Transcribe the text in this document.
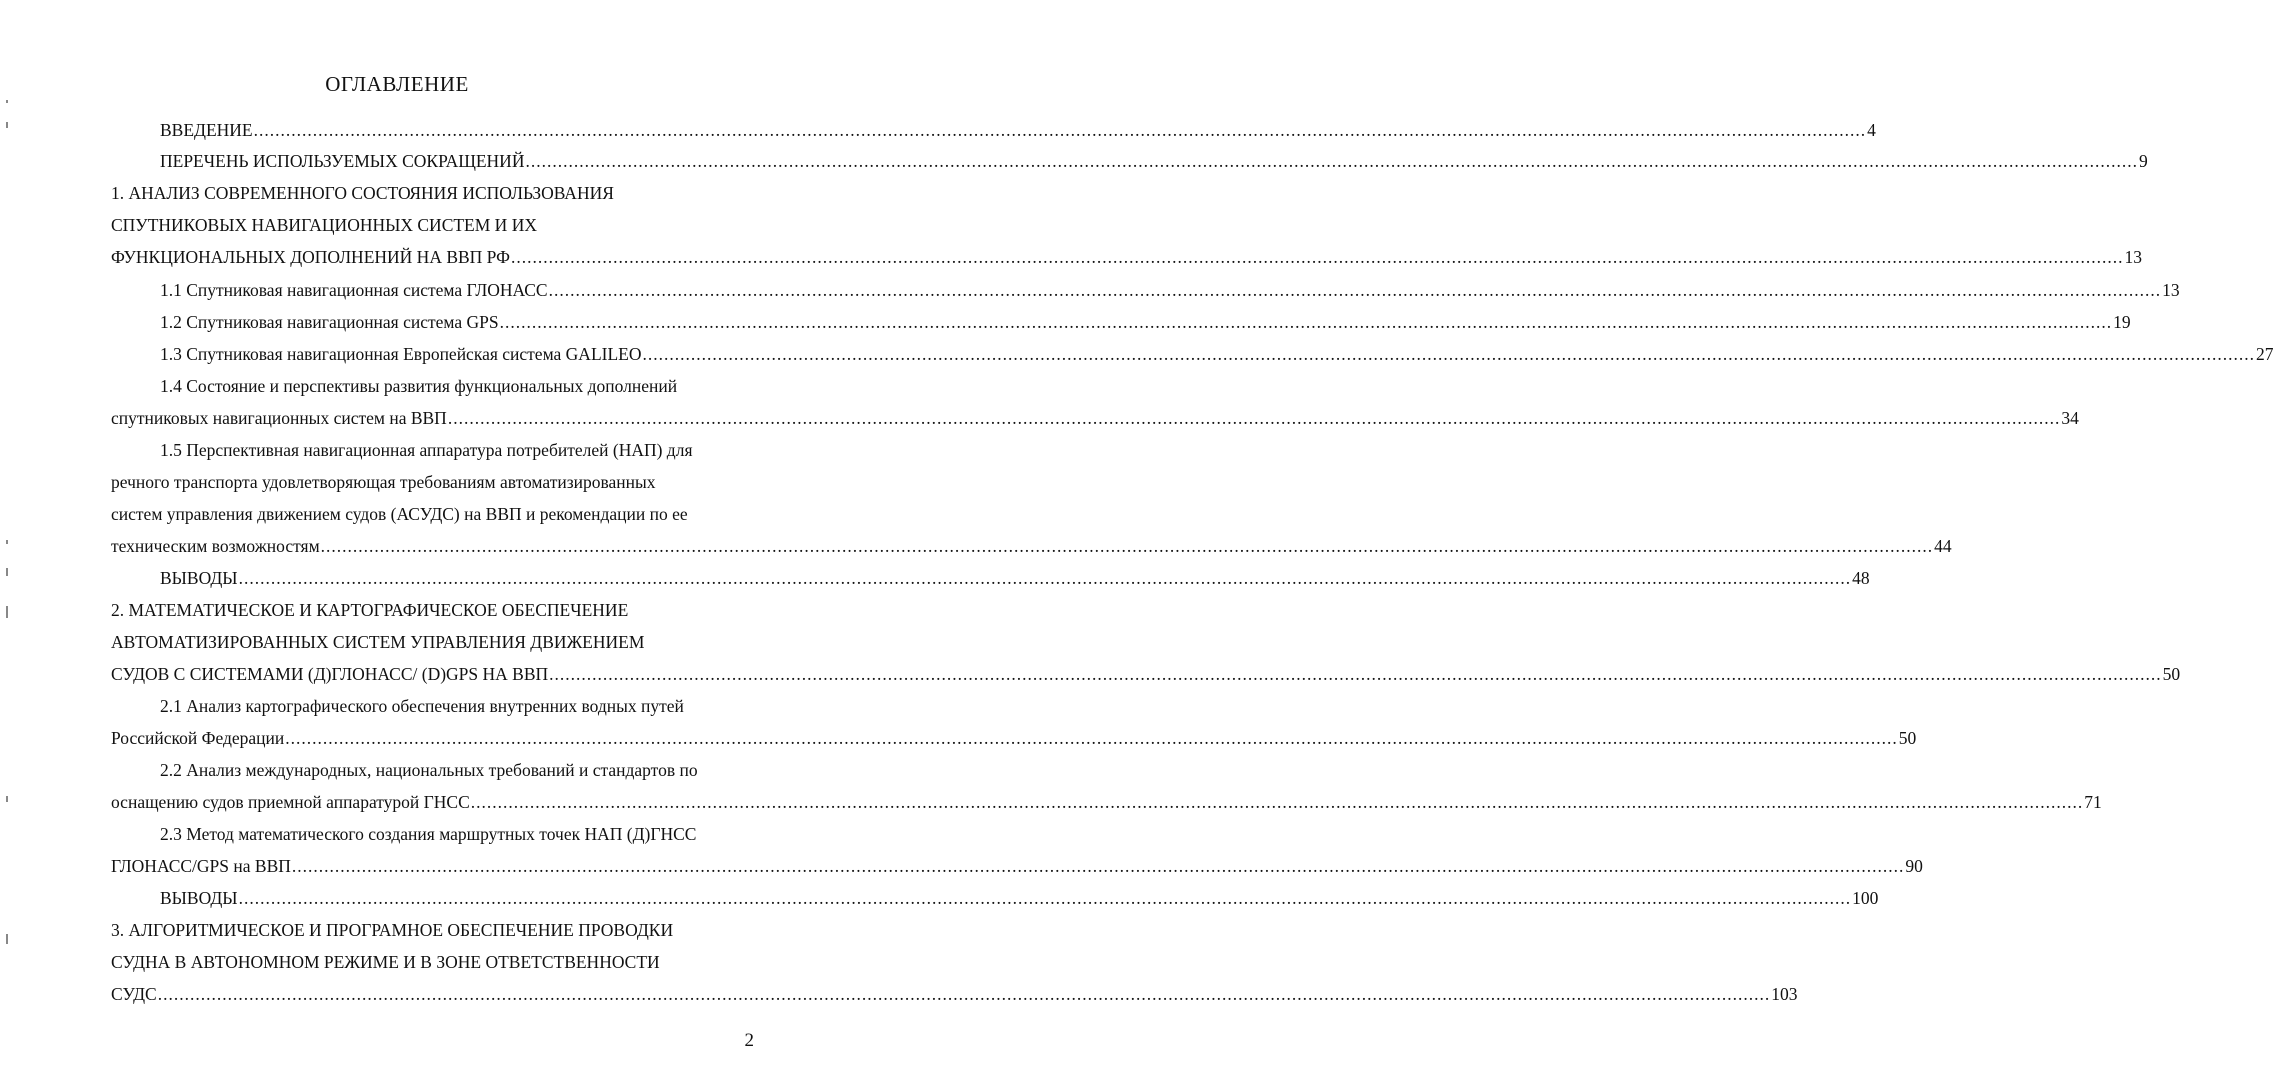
ОГЛАВЛЕНИЕ
ВВЕДЕНИЕ ............................................................................................................................................................................................................................................................................................................ 4
ПЕРЕЧЕНЬ ИСПОЛЬЗУЕМЫХ СОКРАЩЕНИЙ ............................................................................................................................................................................................................................................................................................................ 9
1. АНАЛИЗ СОВРЕМЕННОГО СОСТОЯНИЯ ИСПОЛЬЗОВАНИЯ
СПУТНИКОВЫХ НАВИГАЦИОННЫХ СИСТЕМ И ИХ
ФУНКЦИОНАЛЬНЫХ ДОПОЛНЕНИЙ НА ВВП РФ ............................................................................................................................................................................................................................................................................................................ 13
1.1 Спутниковая навигационная система ГЛОНАСС ............................................................................................................................................................................................................................................................................................................ 13
1.2 Спутниковая навигационная система GPS ............................................................................................................................................................................................................................................................................................................ 19
1.3 Спутниковая навигационная Европейская система GALILEO ............................................................................................................................................................................................................................................................................................................ 27
1.4 Состояние и перспективы развития функциональных дополнений
спутниковых навигационных систем на ВВП ............................................................................................................................................................................................................................................................................................................ 34
1.5 Перспективная навигационная аппаратура потребителей (НАП) для
речного транспорта удовлетворяющая требованиям автоматизированных
систем управления движением судов (АСУДС) на ВВП и рекомендации по ее
техническим возможностям ............................................................................................................................................................................................................................................................................................................ 44
ВЫВОДЫ ............................................................................................................................................................................................................................................................................................................ 48
2. МАТЕМАТИЧЕСКОЕ И КАРТОГРАФИЧЕСКОЕ ОБЕСПЕЧЕНИЕ
АВТОМАТИЗИРОВАННЫХ СИСТЕМ УПРАВЛЕНИЯ ДВИЖЕНИЕМ
СУДОВ С СИСТЕМАМИ (Д)ГЛОНАСС/ (D)GPS НА ВВП ............................................................................................................................................................................................................................................................................................................ 50
2.1 Анализ картографического обеспечения внутренних водных путей
Российской Федерации ............................................................................................................................................................................................................................................................................................................ 50
2.2 Анализ международных, национальных требований и стандартов по
оснащению судов приемной аппаратурой ГНСС ............................................................................................................................................................................................................................................................................................................ 71
2.3 Метод математического создания маршрутных точек НАП (Д)ГНСС
ГЛОНАСС/GPS на ВВП ............................................................................................................................................................................................................................................................................................................ 90
ВЫВОДЫ ............................................................................................................................................................................................................................................................................................................ 100
3. АЛГОРИТМИЧЕСКОЕ И ПРОГРАМНОЕ ОБЕСПЕЧЕНИЕ ПРОВОДКИ
СУДНА В АВТОНОМНОМ РЕЖИМЕ И В ЗОНЕ ОТВЕТСТВЕННОСТИ
СУДС ............................................................................................................................................................................................................................................................................................................ 103
2
